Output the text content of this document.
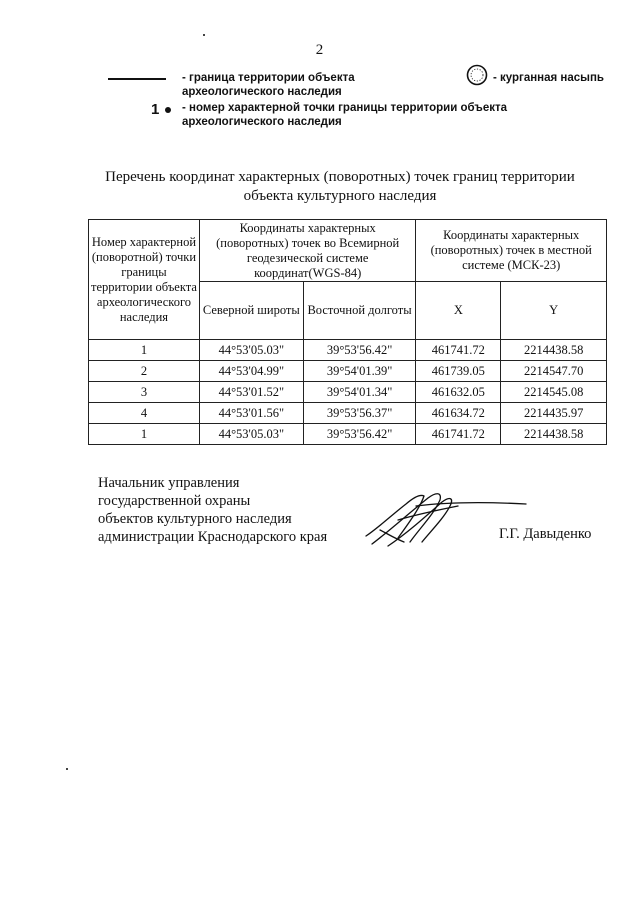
2
- граница территории объекта археологического наследия
- курганная насыпь
1 - номер характерной точки границы территории объекта археологического наследия
Перечень координат характерных (поворотных) точек границ территории объекта культурного наследия
Номер характерной (поворотной) точки границы территории объекта археологического наследия	Координаты характерных (поворотных) точек во Всемирной геодезической системе координат(WGS-84)		Координаты характерных (поворотных) точек в местной системе (МСК-23)	
	Северной широты	Восточной долготы	X	Y
1	44°53'05.03"	39°53'56.42"	461741.72	2214438.58
2	44°53'04.99"	39°54'01.39"	461739.05	2214547.70
3	44°53'01.52"	39°54'01.34"	461632.05	2214545.08
4	44°53'01.56"	39°53'56.37"	461634.72	2214435.97
1	44°53'05.03"	39°53'56.42"	461741.72	2214438.58
Начальник управления
государственной охраны
объектов культурного наследия
администрации Краснодарского края	Г.Г. Давыденко
